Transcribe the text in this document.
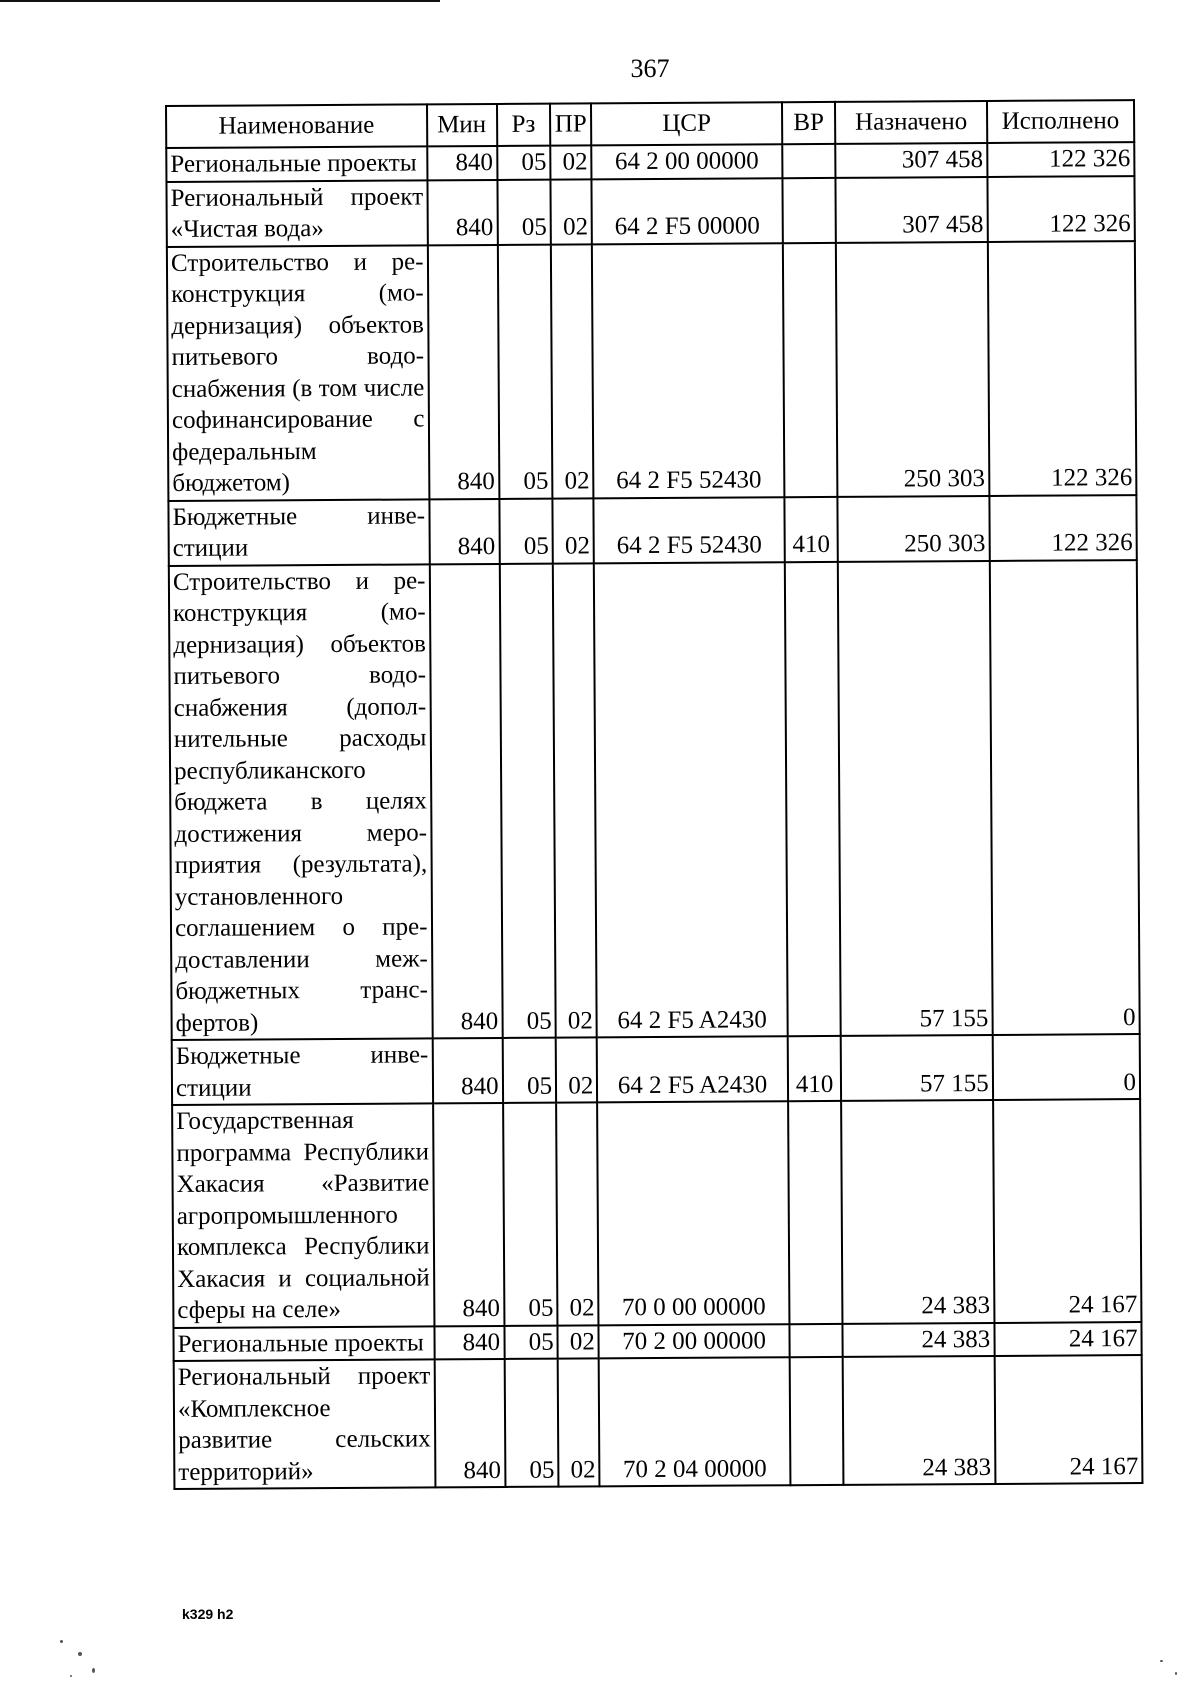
367
Наименование	Мин	Рз	ПР	ЦСР	ВР	Назначено	Исполнено
Региональные проекты	840	05	02	64 2 00 00000		307 458	122 326
Региональный проект «Чистая вода»	840	05	02	64 2 F5 00000		307 458	122 326
Строительство и реконструкция (модернизация) объектов питьевого водоснабжения (в том числе софинансирование с федеральным бюджетом)	840	05	02	64 2 F5 52430		250 303	122 326
Бюджетные инвестиции	840	05	02	64 2 F5 52430	410	250 303	122 326
Строительство и реконструкция (модернизация) объектов питьевого водоснабжения (дополнительные расходы республиканского бюджета в целях достижения мероприятия (результата), установленного соглашением о предоставлении межбюджетных трансфертов)	840	05	02	64 2 F5 A2430		57 155	0
Бюджетные инвестиции	840	05	02	64 2 F5 A2430	410	57 155	0
Государственная программа Республики Хакасия «Развитие агропромышленного комплекса Республики Хакасия и социальной сферы на селе»	840	05	02	70 0 00 00000		24 383	24 167
Региональные проекты	840	05	02	70 2 00 00000		24 383	24 167
Региональный проект «Комплексное развитие сельских территорий»	840	05	02	70 2 04 00000		24 383	24 167
k329 h2
